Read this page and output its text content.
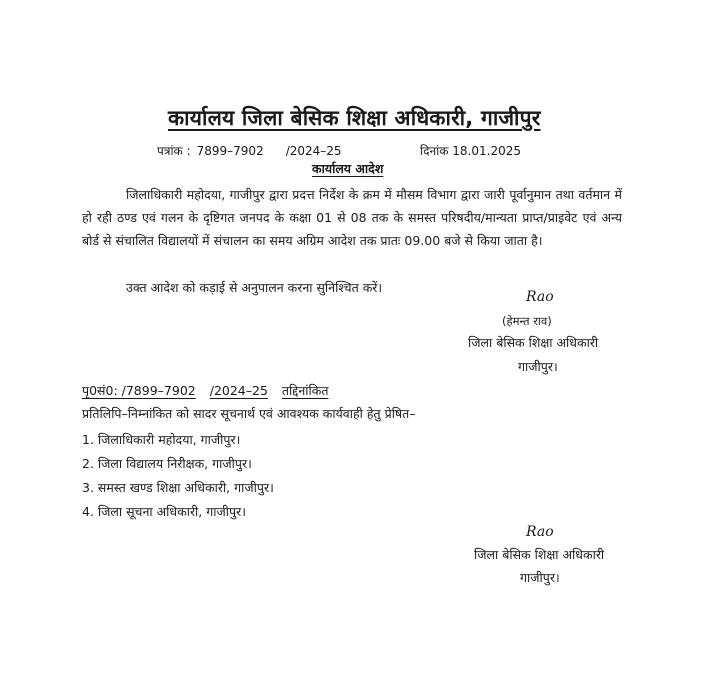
कार्यालय जिला बेसिक शिक्षा अधिकारी, गाजीपुर
पत्रांक : 7899–7902 /2024–25	दिनांक 18.01.2025
कार्यालय आदेश
जिलाधिकारी महोदया, गाजीपुर द्वारा प्रदत्त निर्देश के क्रम में मौसम विभाग द्वारा जारी पूर्वानुमान तथा वर्तमान में हो रही ठण्ड एवं गलन के दृष्टिगत जनपद के कक्षा 01 से 08 तक के समस्त परिषदीय/मान्यता प्राप्त/प्राइवेट एवं अन्य बोर्ड से संचालित विद्यालयों में संचालन का समय अग्रिम आदेश तक प्रातः 09.00 बजे से किया जाता है।
उक्त आदेश को कड़ाई से अनुपालन करना सुनिश्चित करें।
Rao
(हेमन्त राव)
जिला बेसिक शिक्षा अधिकारी
गाजीपुर।
पृ0सं0: /7899–7902 /2024–25 तद्दिनांकित
प्रतिलिपि–निम्नांकित को सादर सूचनार्थ एवं आवश्यक कार्यवाही हेतु प्रेषित–
1. जिलाधिकारी महोदया, गाजीपुर।
2. जिला विद्यालय निरीक्षक, गाजीपुर।
3. समस्त खण्ड शिक्षा अधिकारी, गाजीपुर।
4. जिला सूचना अधिकारी, गाजीपुर।
Rao
जिला बेसिक शिक्षा अधिकारी
गाजीपुर।
